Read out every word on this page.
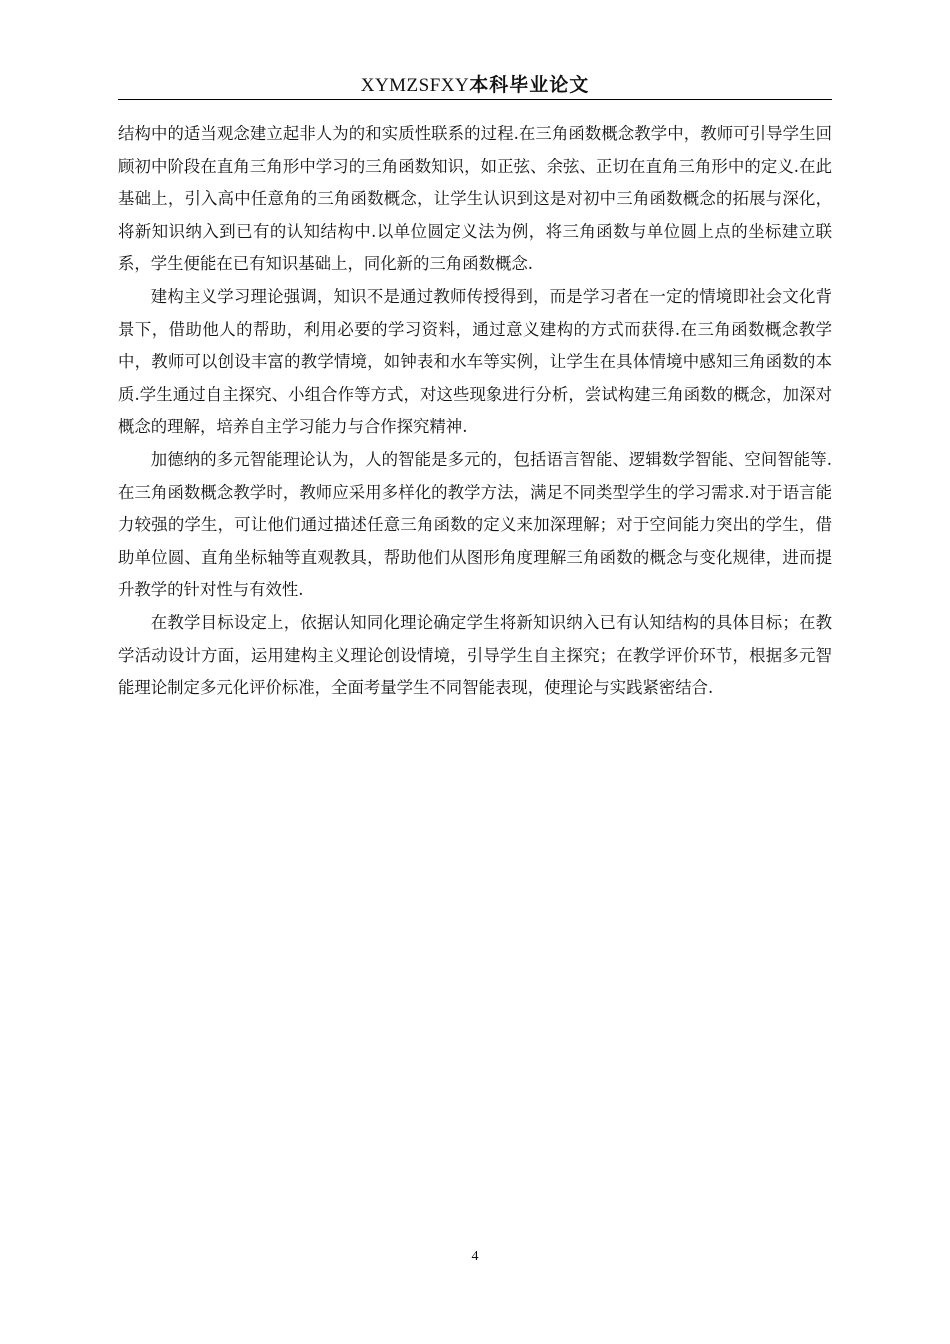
XYMZSFXY本科毕业论文

结构中的适当观念建立起非人为的和实质性联系的过程.在三角函数概念教学中，教师可引导学生回顾初中阶段在直角三角形中学习的三角函数知识，如正弦、余弦、正切在直角三角形中的定义.在此基础上，引入高中任意角的三角函数概念，让学生认识到这是对初中三角函数概念的拓展与深化，将新知识纳入到已有的认知结构中.以单位圆定义法为例，将三角函数与单位圆上点的坐标建立联系，学生便能在已有知识基础上，同化新的三角函数概念.

建构主义学习理论强调，知识不是通过教师传授得到，而是学习者在一定的情境即社会文化背景下，借助他人的帮助，利用必要的学习资料，通过意义建构的方式而获得.在三角函数概念教学中，教师可以创设丰富的教学情境，如钟表和水车等实例，让学生在具体情境中感知三角函数的本质.学生通过自主探究、小组合作等方式，对这些现象进行分析，尝试构建三角函数的概念，加深对概念的理解，培养自主学习能力与合作探究精神.

加德纳的多元智能理论认为，人的智能是多元的，包括语言智能、逻辑数学智能、空间智能等.在三角函数概念教学时，教师应采用多样化的教学方法，满足不同类型学生的学习需求.对于语言能力较强的学生，可让他们通过描述任意三角函数的定义来加深理解；对于空间能力突出的学生，借助单位圆、直角坐标轴等直观教具，帮助他们从图形角度理解三角函数的概念与变化规律，进而提升教学的针对性与有效性.

在教学目标设定上，依据认知同化理论确定学生将新知识纳入已有认知结构的具体目标；在教学活动设计方面，运用建构主义理论创设情境，引导学生自主探究；在教学评价环节，根据多元智能理论制定多元化评价标准，全面考量学生不同智能表现，使理论与实践紧密结合.

4
